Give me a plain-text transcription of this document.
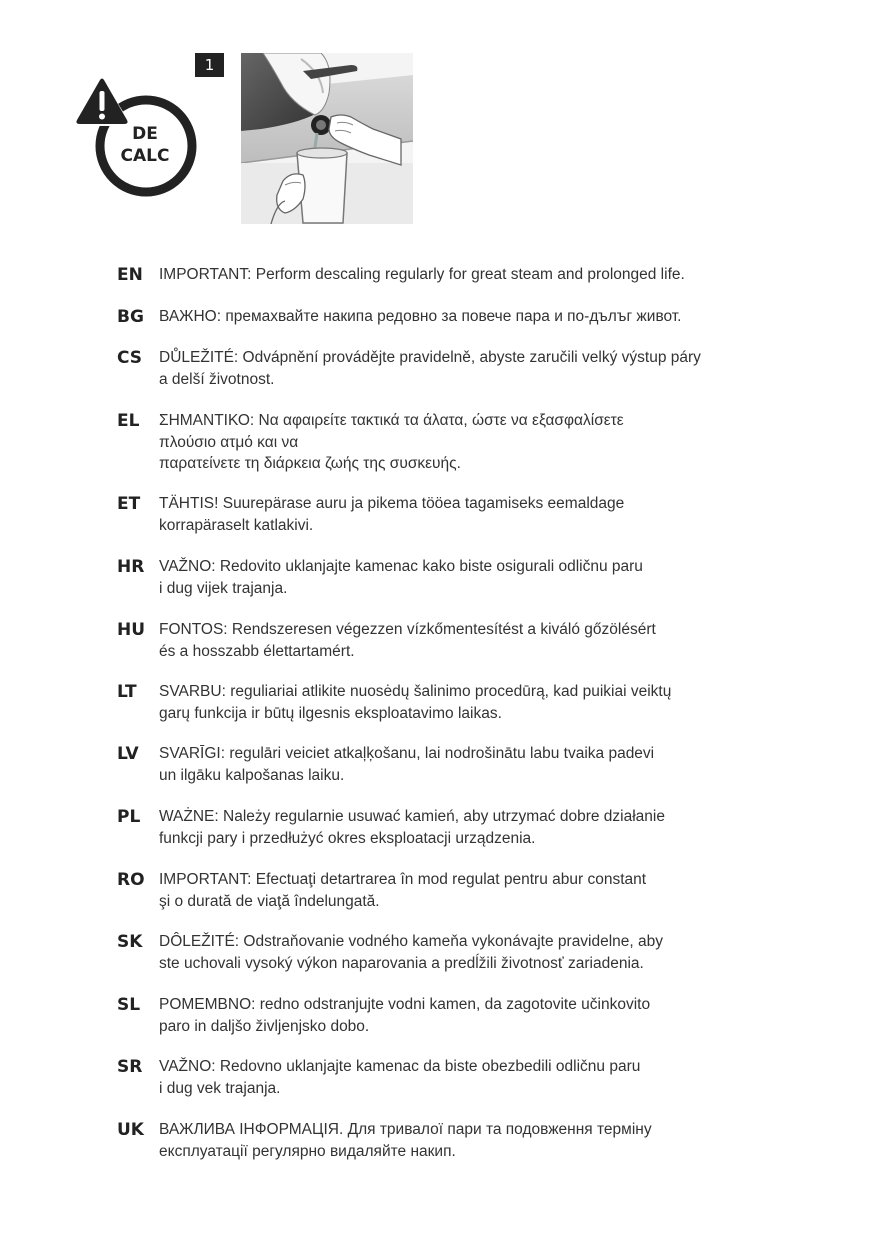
DE
CALC
1
EN IMPORTANT: Perform descaling regularly for great steam and prolonged life.
BG ВАЖНО: премахвайте накипа редовно за повече пара и по-дълъг живот.
CS DŮLEŽITÉ: Odvápnění provádějte pravidelně, abyste zaručili velký výstup páry
a delší životnost.
EL ΣΗΜΑΝΤΙΚΟ: Να αφαιρείτε τακτικά τα άλατα, ώστε να εξασφαλίσετε
πλούσιο ατμό και να
παρατείνετε τη διάρκεια ζωής της συσκευής.
ET TÄHTIS! Suurepärase auru ja pikema tööea tagamiseks eemaldage
korrapäraselt katlakivi.
HR VAŽNO: Redovito uklanjajte kamenac kako biste osigurali odličnu paru
i dug vijek trajanja.
HU FONTOS: Rendszeresen végezzen vízkőmentesítést a kiváló gőzölésért
és a hosszabb élettartamért.
LT SVARBU: reguliariai atlikite nuosėdų šalinimo procedūrą, kad puikiai veiktų
garų funkcija ir būtų ilgesnis eksploatavimo laikas.
LV SVARĪGI: regulāri veiciet atkaļķošanu, lai nodrošinātu labu tvaika padevi
un ilgāku kalpošanas laiku.
PL WAŻNE: Należy regularnie usuwać kamień, aby utrzymać dobre działanie
funkcji pary i przedłużyć okres eksploatacji urządzenia.
RO IMPORTANT: Efectuaţi detartrarea în mod regulat pentru abur constant
şi o durată de viaţă îndelungată.
SK DÔLEŽITÉ: Odstraňovanie vodného kameňa vykonávajte pravidelne, aby
ste uchovali vysoký výkon naparovania a predĺžili životnosť zariadenia.
SL POMEMBNO: redno odstranjujte vodni kamen, da zagotovite učinkovito
paro in daljšo življenjsko dobo.
SR VAŽNO: Redovno uklanjajte kamenac da biste obezbedili odličnu paru
i dug vek trajanja.
UK ВАЖЛИВА ІНФОРМАЦІЯ. Для тривалої пари та подовження терміну
експлуатації регулярно видаляйте накип.
